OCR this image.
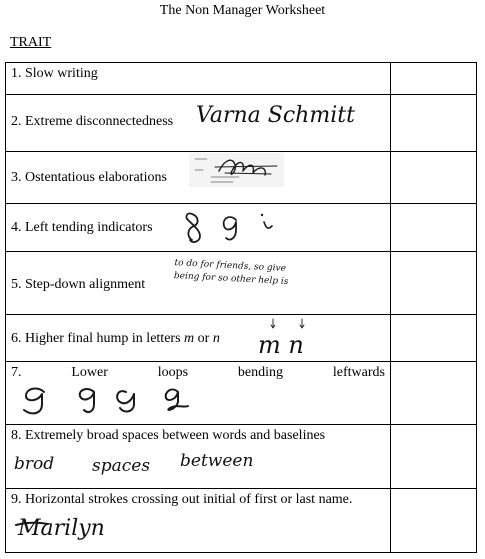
The Non Manager Worksheet
TRAIT
1. Slow writing	

2. Extreme disconnectedness Varna Schmitt	

3. Ostentatious elaborations	

4. Left tending indicators	

5. Step-down alignment
to do for friends, so give
being for so other help is	

6. Higher final hump in letters m or n m n	

7. Lower loops bending leftwards	

8. Extremely broad spaces between words and baselines
brod spaces between	

9. Horizontal strokes crossing out initial of first or last name.
Marilyn	
